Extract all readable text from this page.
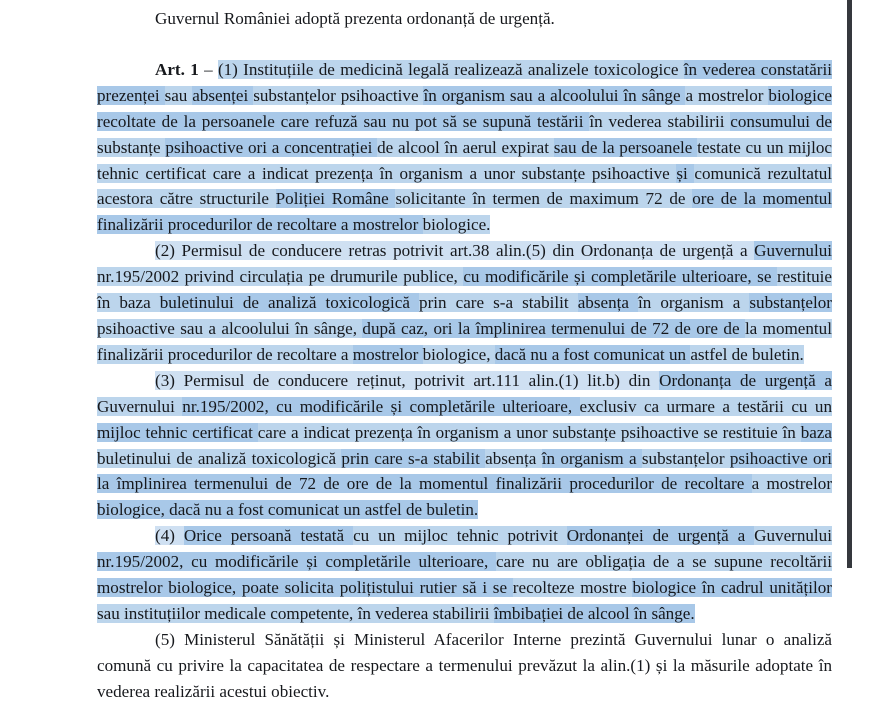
Guvernul României adoptă prezenta ordonanță de urgență.

Art. 1 – (1) Instituțiile de medicină legală realizează analizele toxicologice în vederea constatării prezenței sau absenței substanțelor psihoactive în organism sau a alcoolului în sânge a mostrelor biologice recoltate de la persoanele care refuză sau nu pot să se supună testării în vederea stabilirii consumului de substanțe psihoactive ori a concentrației de alcool în aerul expirat sau de la persoanele testate cu un mijloc tehnic certificat care a indicat prezența în organism a unor substanțe psihoactive și comunică rezultatul acestora către structurile Poliției Române solicitante în termen de maximum 72 de ore de la momentul finalizării procedurilor de recoltare a mostrelor biologice.

(2) Permisul de conducere retras potrivit art.38 alin.(5) din Ordonanța de urgență a Guvernului nr.195/2002 privind circulația pe drumurile publice, cu modificările și completările ulterioare, se restituie în baza buletinului de analiză toxicologică prin care s-a stabilit absența în organism a substanțelor psihoactive sau a alcoolului în sânge, după caz, ori la împlinirea termenului de 72 de ore de la momentul finalizării procedurilor de recoltare a mostrelor biologice, dacă nu a fost comunicat un astfel de buletin.

(3) Permisul de conducere reținut, potrivit art.111 alin.(1) lit.b) din Ordonanța de urgență a Guvernului nr.195/2002, cu modificările și completările ulterioare, exclusiv ca urmare a testării cu un mijloc tehnic certificat care a indicat prezența în organism a unor substanțe psihoactive se restituie în baza buletinului de analiză toxicologică prin care s-a stabilit absența în organism a substanțelor psihoactive ori la împlinirea termenului de 72 de ore de la momentul finalizării procedurilor de recoltare a mostrelor biologice, dacă nu a fost comunicat un astfel de buletin.

(4) Orice persoană testată cu un mijloc tehnic potrivit Ordonanței de urgență a Guvernului nr.195/2002, cu modificările și completările ulterioare, care nu are obligația de a se supune recoltării mostrelor biologice, poate solicita polițistului rutier să i se recolteze mostre biologice în cadrul unităților sau instituțiilor medicale competente, în vederea stabilirii îmbibației de alcool în sânge.

(5) Ministerul Sănătății și Ministerul Afacerilor Interne prezintă Guvernului lunar o analiză comună cu privire la capacitatea de respectare a termenului prevăzut la alin.(1) și la măsurile adoptate în vederea realizării acestui obiectiv.
